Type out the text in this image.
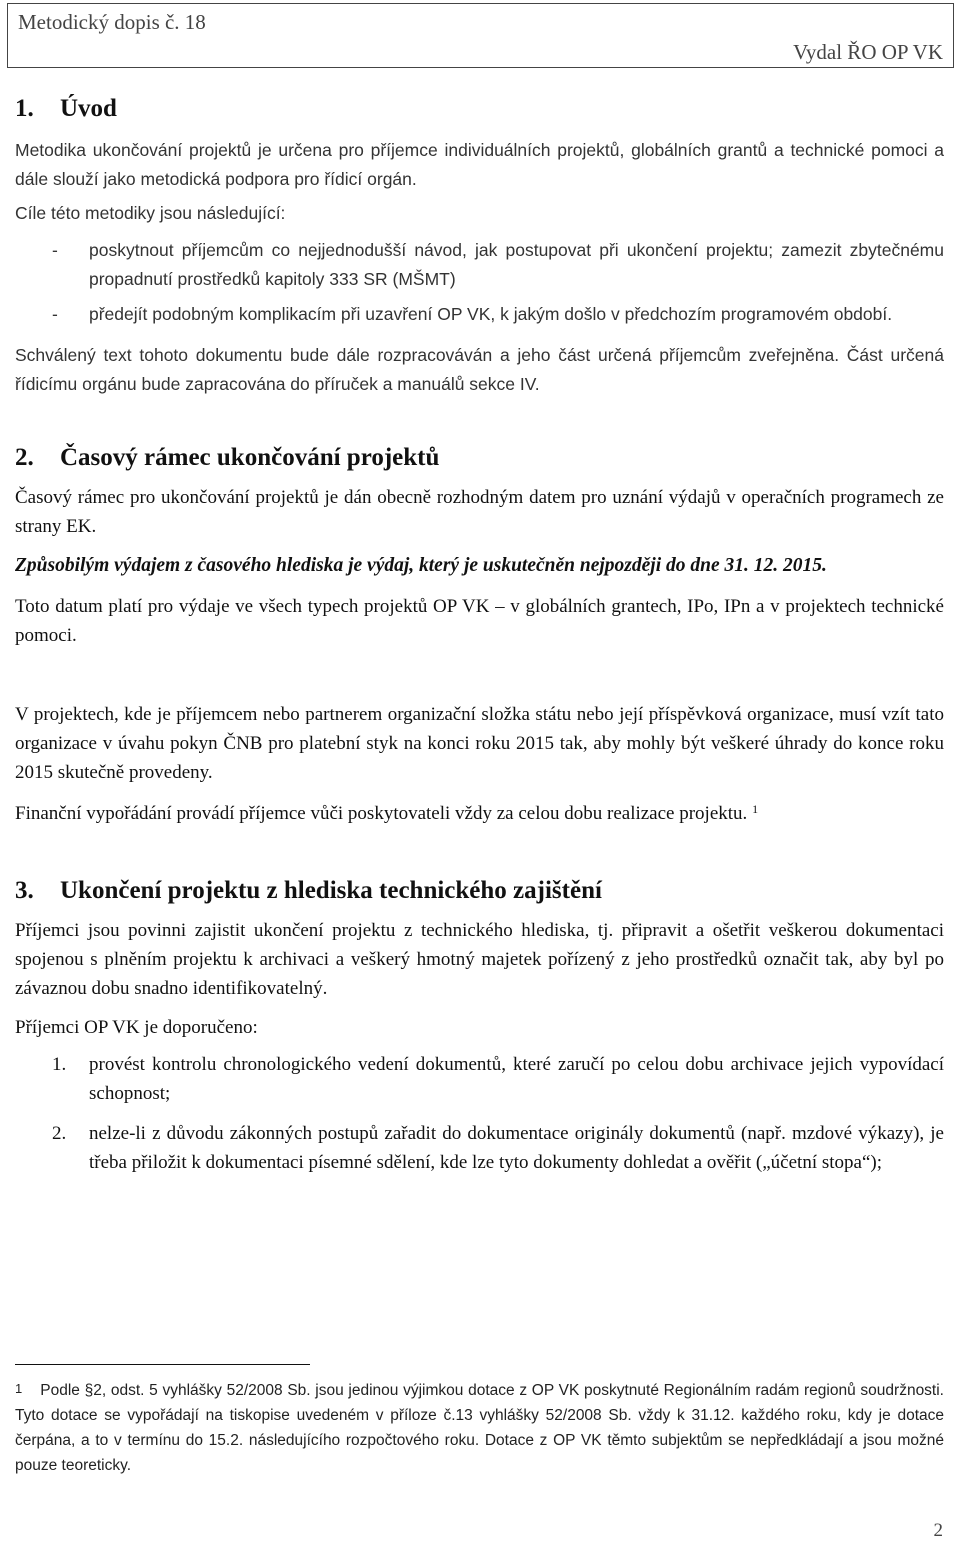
Metodický dopis č. 18
Vydal ŘO OP VK
1. Úvod

Metodika ukončování projektů je určena pro příjemce individuálních projektů, globálních grantů a technické pomoci a dále slouží jako metodická podpora pro řídicí orgán.

Cíle této metodiky jsou následující:

- poskytnout příjemcům co nejjednodušší návod, jak postupovat při ukončení projektu; zamezit zbytečnému propadnutí prostředků kapitoly 333 SR (MŠMT)
- předejít podobným komplikacím při uzavření OP VK, k jakým došlo v předchozím programovém období.

Schválený text tohoto dokumentu bude dále rozpracováván a jeho část určená příjemcům zveřejněna. Část určená řídicímu orgánu bude zapracována do příruček a manuálů sekce IV.

2. Časový rámec ukončování projektů

Časový rámec pro ukončování projektů je dán obecně rozhodným datem pro uznání výdajů v operačních programech ze strany EK.

Způsobilým výdajem z časového hlediska je výdaj, který je uskutečněn nejpozději do dne 31. 12. 2015.

Toto datum platí pro výdaje ve všech typech projektů OP VK – v globálních grantech, IPo, IPn a v projektech technické pomoci.

V projektech, kde je příjemcem nebo partnerem organizační složka státu nebo její příspěvková organizace, musí vzít tato organizace v úvahu pokyn ČNB pro platební styk na konci roku 2015 tak, aby mohly být veškeré úhrady do konce roku 2015 skutečně provedeny.

Finanční vypořádání provádí příjemce vůči poskytovateli vždy za celou dobu realizace projektu. $^1$

3. Ukončení projektu z hlediska technického zajištění

Příjemci jsou povinni zajistit ukončení projektu z technického hlediska, tj. připravit a ošetřit veškerou dokumentaci spojenou s plněním projektu k archivaci a veškerý hmotný majetek pořízený z jeho prostředků označit tak, aby byl po závaznou dobu snadno identifikovatelný.

Příjemci OP VK je doporučeno:

1. provést kontrolu chronologického vedení dokumentů, které zaručí po celou dobu archivace jejich vypovídací schopnost;
2. nelze-li z důvodu zákonných postupů zařadit do dokumentace originály dokumentů (např. mzdové výkazy), je třeba přiložit k dokumentaci písemné sdělení, kde lze tyto dokumenty dohledat a ověřit („účetní stopa“);
$^1$ Podle §2, odst. 5 vyhlášky 52/2008 Sb. jsou jedinou výjimkou dotace z OP VK poskytnuté Regionálním radám regionů soudržnosti. Tyto dotace se vypořádají na tiskopise uvedeném v příloze č.13 vyhlášky 52/2008 Sb. vždy k 31.12. každého roku, kdy je dotace čerpána, a to v termínu do 15.2. následujícího rozpočtového roku. Dotace z OP VK těmto subjektům se nepředkládají a jsou možné pouze teoreticky.
2
